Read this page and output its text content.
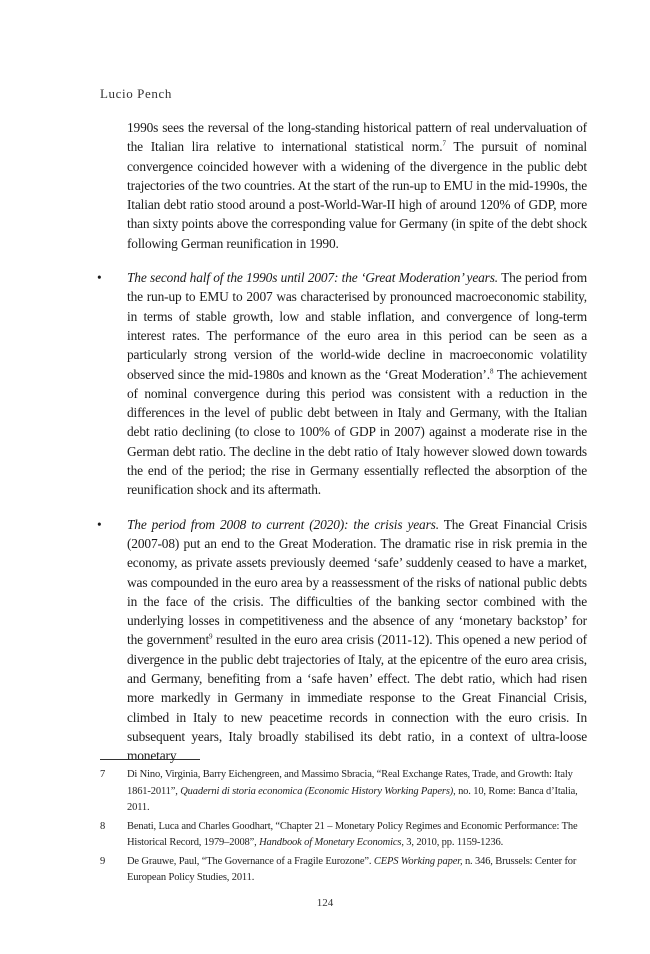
Lucio Pench

1990s sees the reversal of the long-standing historical pattern of real undervaluation of the Italian lira relative to international statistical norm.$^7$ The pursuit of nominal convergence coincided however with a widening of the divergence in the public debt trajectories of the two countries. At the start of the run-up to EMU in the mid-1990s, the Italian debt ratio stood around a post-World-War-II high of around 120% of GDP, more than sixty points above the corresponding value for Germany (in spite of the debt shock following German reunification in 1990.

• The second half of the 1990s until 2007: the ‘Great Moderation’ years. The period from the run-up to EMU to 2007 was characterised by pronounced macroeconomic stability, in terms of stable growth, low and stable inflation, and convergence of long-term interest rates. The performance of the euro area in this period can be seen as a particularly strong version of the world-wide decline in macroeconomic volatility observed since the mid-1980s and known as the ‘Great Moderation’.$^8$ The achievement of nominal convergence during this period was consistent with a reduction in the differences in the level of public debt between in Italy and Germany, with the Italian debt ratio declining (to close to 100% of GDP in 2007) against a moderate rise in the German debt ratio. The decline in the debt ratio of Italy however slowed down towards the end of the period; the rise in Germany essentially reflected the absorption of the reunification shock and its aftermath.

• The period from 2008 to current (2020): the crisis years. The Great Financial Crisis (2007-08) put an end to the Great Moderation. The dramatic rise in risk premia in the economy, as private assets previously deemed ‘safe’ suddenly ceased to have a market, was compounded in the euro area by a reassessment of the risks of national public debts in the face of the crisis. The difficulties of the banking sector combined with the underlying losses in competitiveness and the absence of any ‘monetary backstop’ for the government$^9$ resulted in the euro area crisis (2011-12). This opened a new period of divergence in the public debt trajectories of Italy, at the epicentre of the euro area crisis, and Germany, benefiting from a ‘safe haven’ effect. The debt ratio, which had risen more markedly in Germany in immediate response to the Great Financial Crisis, climbed in Italy to new peacetime records in connection with the euro crisis. In subsequent years, Italy broadly stabilised its debt ratio, in a context of ultra-loose monetary

7 Di Nino, Virginia, Barry Eichengreen, and Massimo Sbracia, “Real Exchange Rates, Trade, and Growth: Italy 1861-2011”, Quaderni di storia economica (Economic History Working Papers), no. 10, Rome: Banca d’Italia, 2011.
8 Benati, Luca and Charles Goodhart, “Chapter 21 – Monetary Policy Regimes and Economic Performance: The Historical Record, 1979–2008”, Handbook of Monetary Economics, 3, 2010, pp. 1159-1236.
9 De Grauwe, Paul, “The Governance of a Fragile Eurozone”. CEPS Working paper, n. 346, Brussels: Center for European Policy Studies, 2011.
124
